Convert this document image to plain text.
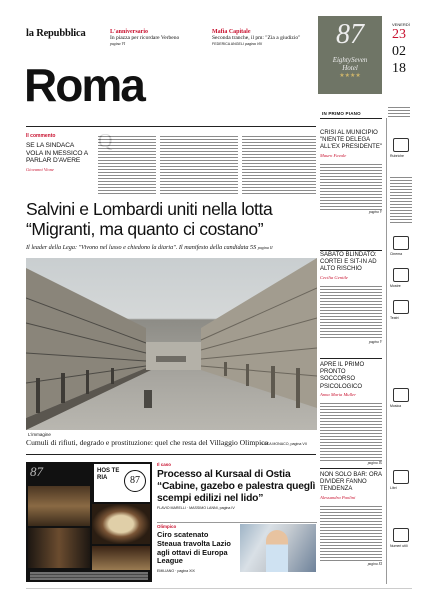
la Repubblica	L'anniversario
In piazza per ricordare Verbeno
pagina VI
Mafia Capitale
Seconda tranche, il pm: "Zia a giudizio"
FEDERICA ANGELI pagina VIII
Roma
87
EightySeven
Hotel
★★★★
VENERDÌ
23
02
18
Il commento
SE LA SINDACA VOLA IN MESSICO A PARLAR D'AVERE
Giovanni Vione
Salvini e Lombardi uniti nella lotta
“Migranti, ma quanto ci costano”
Il leader della Lega: "Vivono nel lusso e chiedono la diaria". Il manifesto della candidata 5S pagina II
L'immagine
Cumuli di rifiuti, degrado e prostituzione: quel che resta del Villaggio Olimpico
LUCA MONACO, pagina VII
87	HOS TE RIA	87
Il caso
Processo al Kursaal di Ostia “Cabine, gazebo e palestra queglì scempi edilizi nel lido”
FLAVIO MARELLI · MASSIMO LANNI, pagina IV
Olimpico
Ciro scatenato Steaua travolta Lazio agli ottavi di Europa League
EMILIANO · pagina XIX
IN PRIMO PIANO
CRISI AL MUNICIPIO "NIENTE DELEGA ALL'EX PRESIDENTE"
Mauro Favale
pagina V
SABATO BLINDATO: CORTEI E SIT-IN AD ALTO RISCHIO
Cecilia Gentile
pagina V
APRE IL PRIMO PRONTO SOCCORSO PSICOLOGICO
Anna Maria Muller
pagina IX
NON SOLO BAR: ORA DIVIDER FANNO TENDENZA
Alessandra Paolini
pagina XI
Rubriche
Cinema
Mostre
Teatri
Musica
Libri
Numeri utili
